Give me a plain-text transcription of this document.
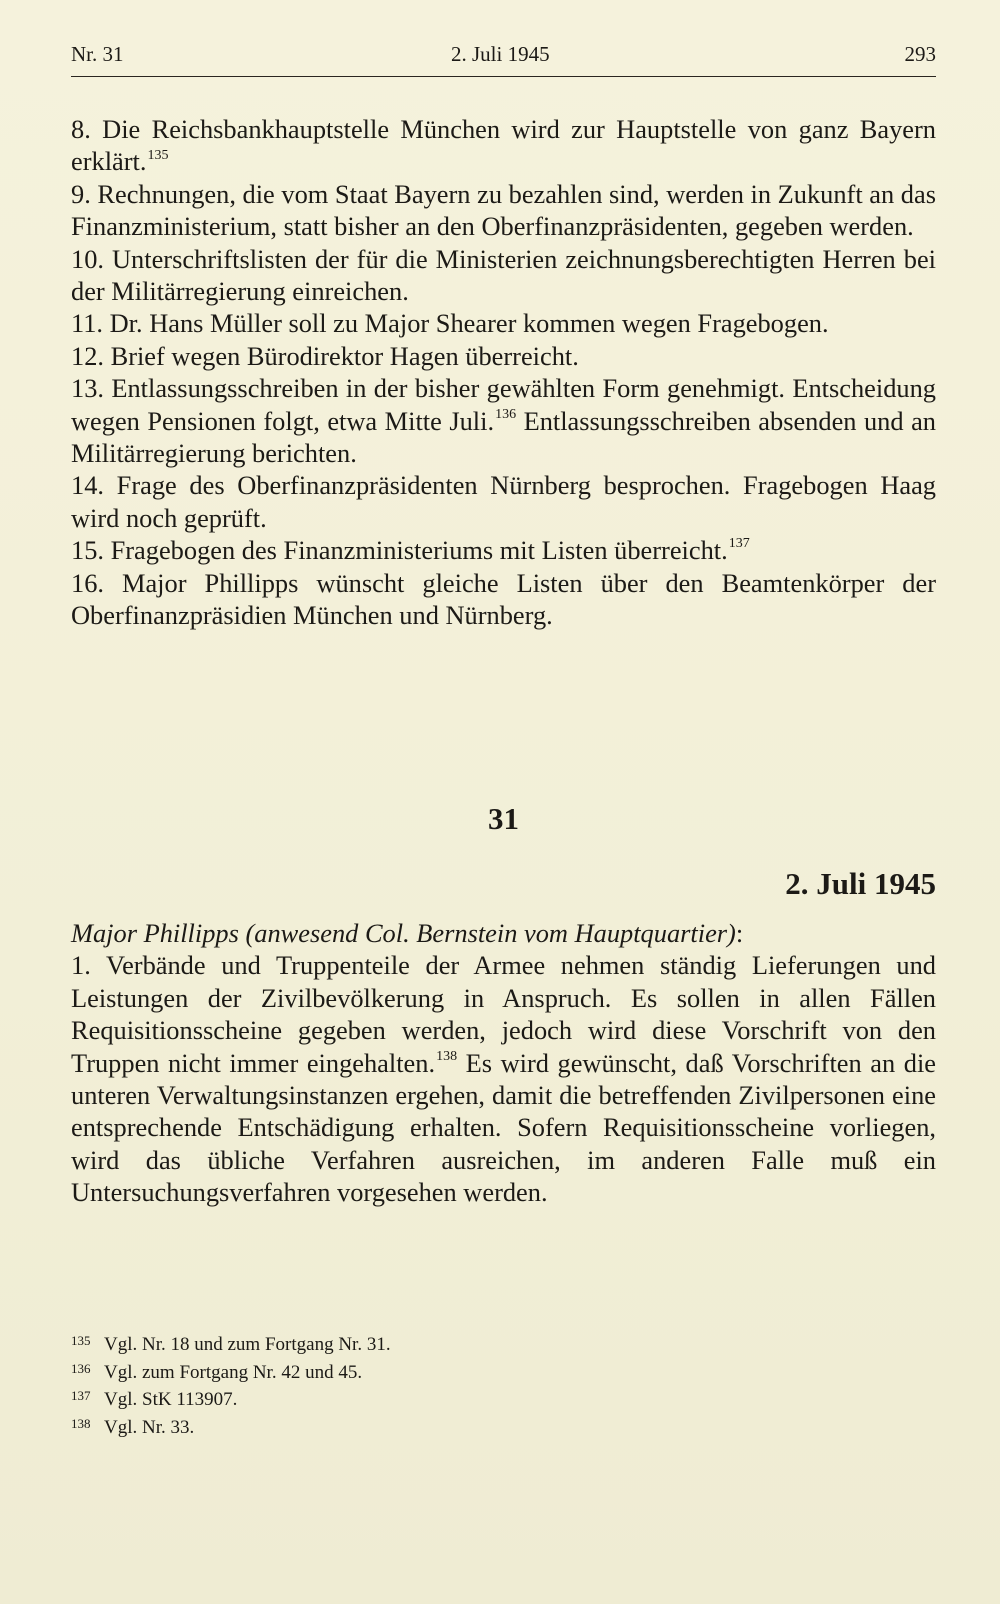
Nr. 31	2. Juli 1945	293

8. Die Reichsbankhauptstelle München wird zur Hauptstelle von ganz Bayern erklärt.$^{135}$

9. Rechnungen, die vom Staat Bayern zu bezahlen sind, werden in Zukunft an das Finanzministerium, statt bisher an den Oberfinanzpräsidenten, gegeben werden.

10. Unterschriftslisten der für die Ministerien zeichnungsberechtigten Herren bei der Militärregierung einreichen.

11. Dr. Hans Müller soll zu Major Shearer kommen wegen Fragebogen.

12. Brief wegen Bürodirektor Hagen überreicht.

13. Entlassungsschreiben in der bisher gewählten Form genehmigt. Entscheidung wegen Pensionen folgt, etwa Mitte Juli.$^{136}$ Entlassungsschreiben absenden und an Militärregierung berichten.

14. Frage des Oberfinanzpräsidenten Nürnberg besprochen. Fragebogen Haag wird noch geprüft.

15. Fragebogen des Finanzministeriums mit Listen überreicht.$^{137}$

16. Major Phillipps wünscht gleiche Listen über den Beamtenkörper der Oberfinanzpräsidien München und Nürnberg.

31
2. Juli 1945

Major Phillipps (anwesend Col. Bernstein vom Hauptquartier):

1. Verbände und Truppenteile der Armee nehmen ständig Lieferungen und Leistungen der Zivilbevölkerung in Anspruch. Es sollen in allen Fällen Requisitionsscheine gegeben werden, jedoch wird diese Vorschrift von den Truppen nicht immer eingehalten.$^{138}$ Es wird gewünscht, daß Vorschriften an die unteren Verwaltungsinstanzen ergehen, damit die betreffenden Zivilpersonen eine entsprechende Entschädigung erhalten. Sofern Requisitionsscheine vorliegen, wird das übliche Verfahren ausreichen, im anderen Falle muß ein Untersuchungsverfahren vorgesehen werden.

135 Vgl. Nr. 18 und zum Fortgang Nr. 31.
136 Vgl. zum Fortgang Nr. 42 und 45.
137 Vgl. StK 113907.
138 Vgl. Nr. 33.
